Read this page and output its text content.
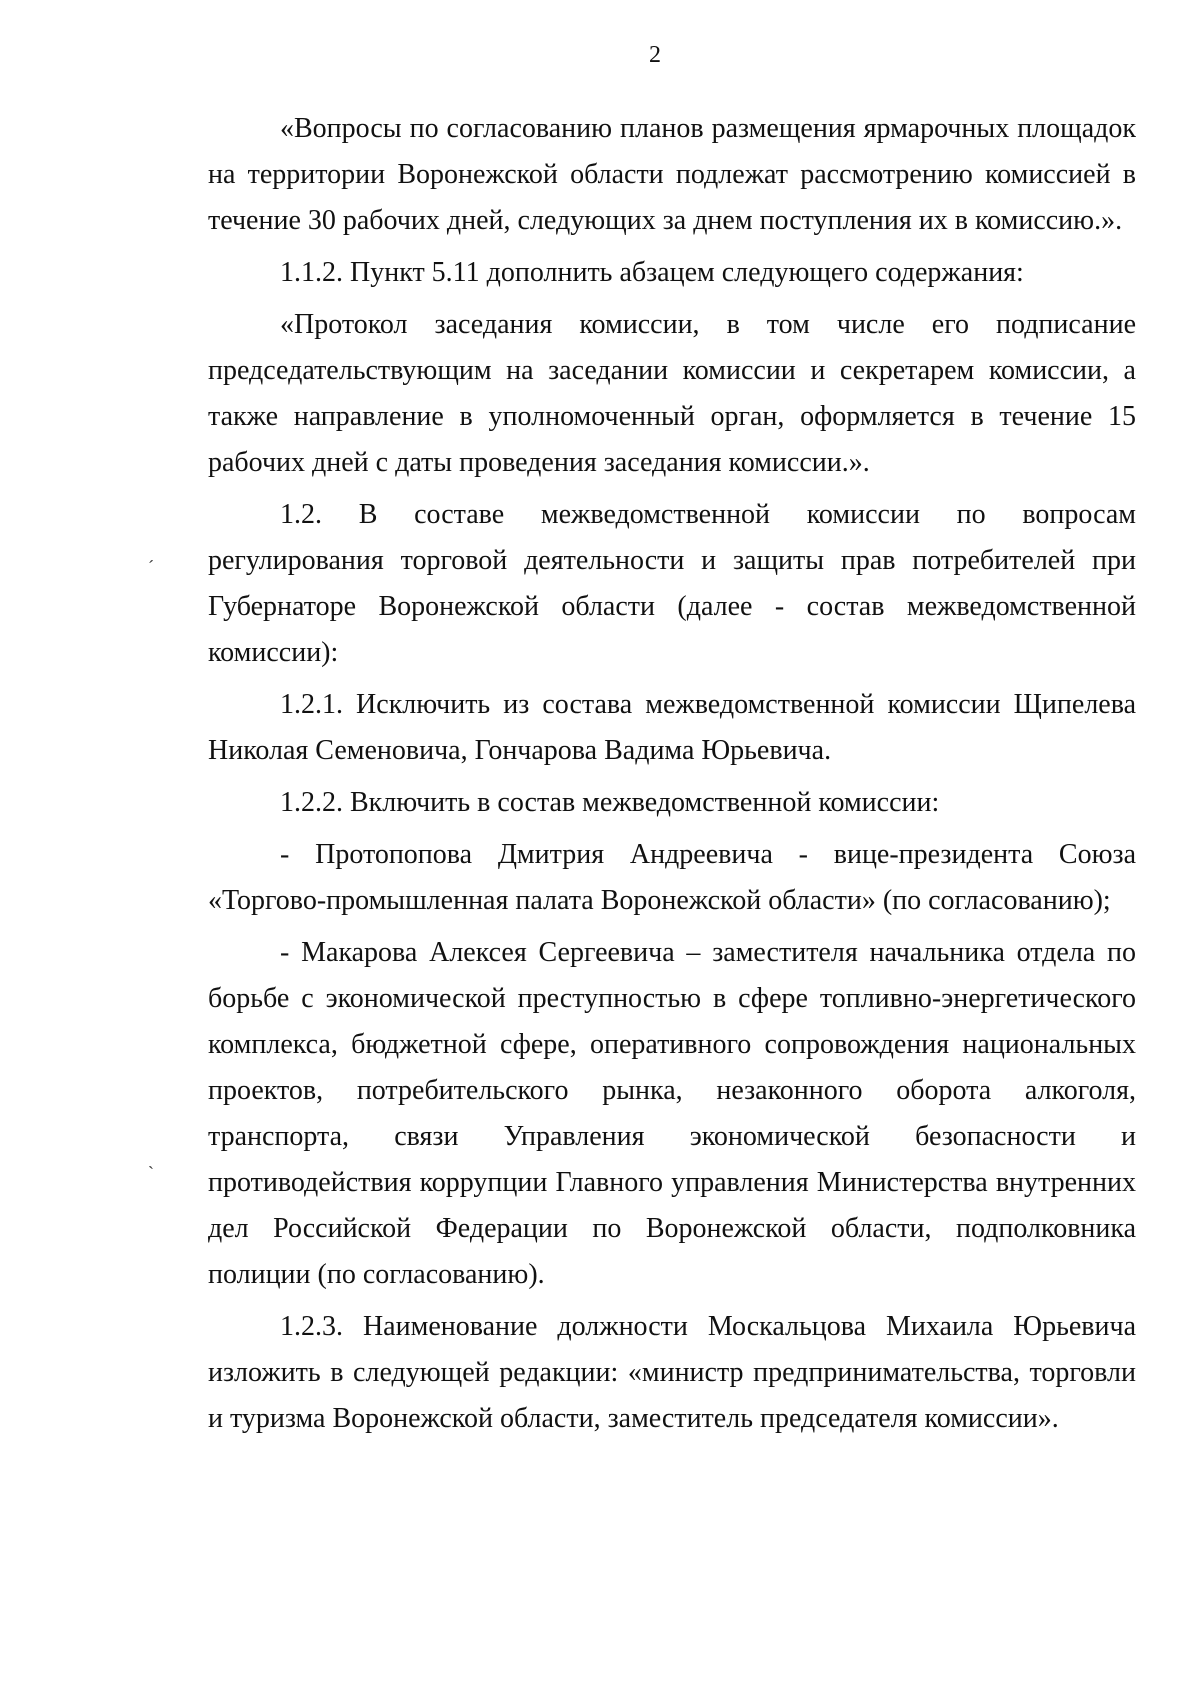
2

«Вопросы по согласованию планов размещения ярмарочных площадок на территории Воронежской области подлежат рассмотрению комиссией в течение 30 рабочих дней, следующих за днем поступления их в комиссию.».

1.1.2. Пункт 5.11 дополнить абзацем следующего содержания:

«Протокол заседания комиссии, в том числе его подписание председательствующим на заседании комиссии и секретарем комиссии, а также направление в уполномоченный орган, оформляется в течение 15 рабочих дней с даты проведения заседания комиссии.».

1.2. В составе межведомственной комиссии по вопросам регулирования торговой деятельности и защиты прав потребителей при Губернаторе Воронежской области (далее - состав межведомственной комиссии):

1.2.1. Исключить из состава межведомственной комиссии Щипелева Николая Семеновича, Гончарова Вадима Юрьевича.

1.2.2. Включить в состав межведомственной комиссии:

- Протопопова Дмитрия Андреевича - вице-президента Союза «Торгово-промышленная палата Воронежской области» (по согласованию);

- Макарова Алексея Сергеевича – заместителя начальника отдела по борьбе с экономической преступностью в сфере топливно-энергетического комплекса, бюджетной сфере, оперативного сопровождения национальных проектов, потребительского рынка, незаконного оборота алкоголя, транспорта, связи Управления экономической безопасности и противодействия коррупции Главного управления Министерства внутренних дел Российской Федерации по Воронежской области, подполковника полиции (по согласованию).

1.2.3. Наименование должности Москальцова Михаила Юрьевича изложить в следующей редакции: «министр предпринимательства, торговли и туризма Воронежской области, заместитель председателя комиссии».

ˊ
ˋ
